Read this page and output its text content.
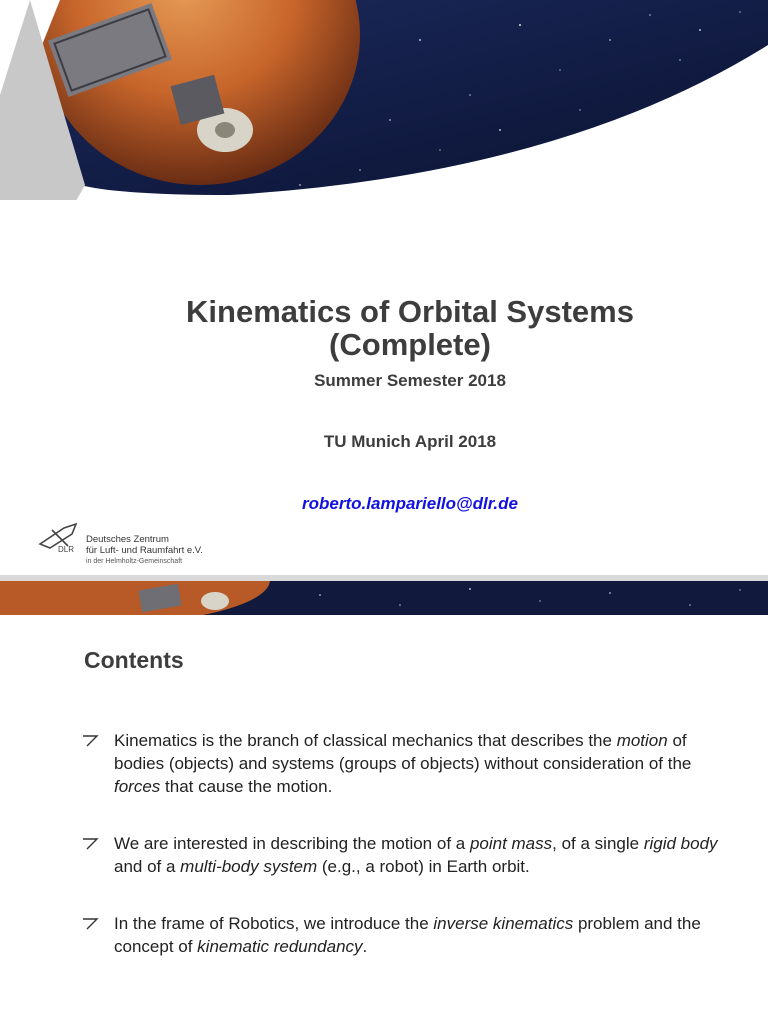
Kinematics of Orbital Systems
(Complete)
Summer Semester 2018
TU Munich April 2018
roberto.lampariello@dlr.de
DLR
Deutsches Zentrum
für Luft- und Raumfahrt e.V.
in der Helmholtz-Gemeinschaft
Contents
Kinematics is the branch of classical mechanics that describes the motion of bodies (objects) and systems (groups of objects) without consideration of the forces that cause the motion.
We are interested in describing the motion of a point mass, of a single rigid body and of a multi-body system (e.g., a robot) in Earth orbit.
In the frame of Robotics, we introduce the inverse kinematics problem and the concept of kinematic redundancy.
